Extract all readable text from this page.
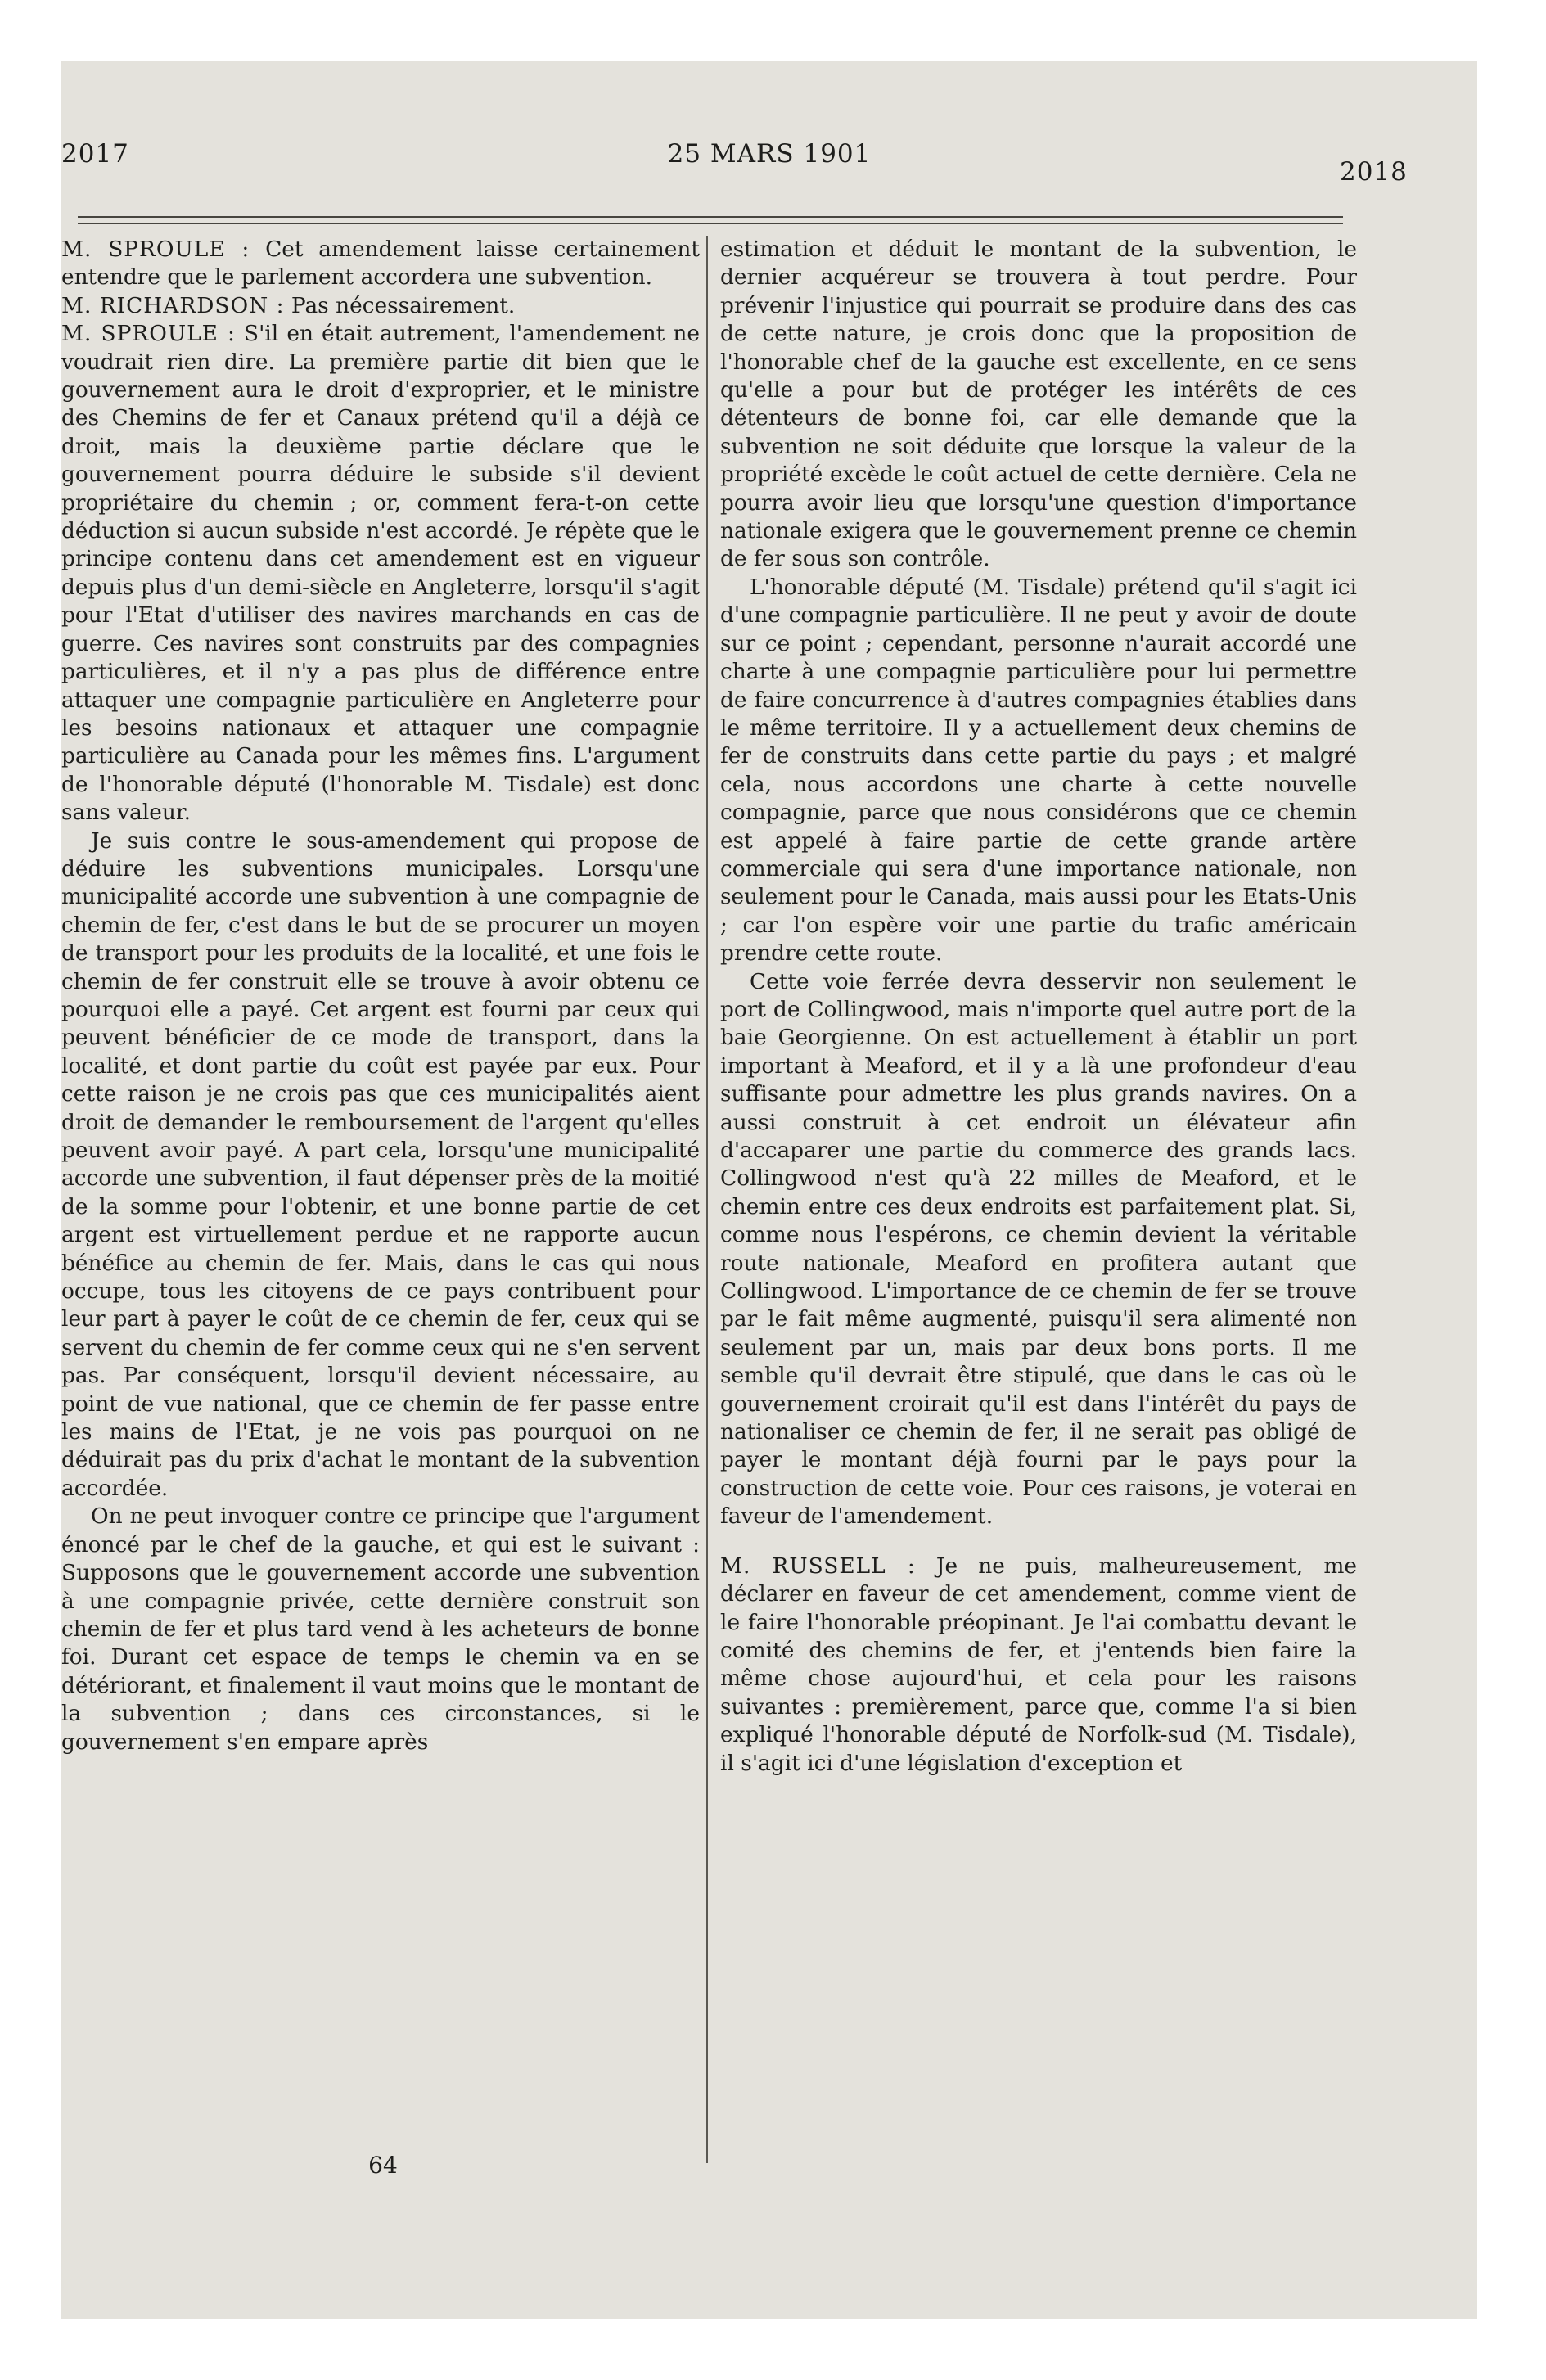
2017	25 MARS 1901
2018

M. SPROULE : Cet amendement laisse certainement entendre que le parlement accordera une subvention.

M. RICHARDSON : Pas nécessairement.

M. SPROULE : S'il en était autrement, l'amendement ne voudrait rien dire. La première partie dit bien que le gouvernement aura le droit d'exproprier, et le ministre des Chemins de fer et Canaux prétend qu'il a déjà ce droit, mais la deuxième partie déclare que le gouvernement pourra déduire le subside s'il devient propriétaire du chemin ; or, comment fera-t-on cette déduction si aucun subside n'est accordé. Je répète que le principe contenu dans cet amendement est en vigueur depuis plus d'un demi-siècle en Angleterre, lorsqu'il s'agit pour l'Etat d'utiliser des navires marchands en cas de guerre. Ces navires sont construits par des compagnies particulières, et il n'y a pas plus de différence entre attaquer une compagnie particulière en Angleterre pour les besoins nationaux et attaquer une compagnie particulière au Canada pour les mêmes fins. L'argument de l'honorable député (l'honorable M. Tisdale) est donc sans valeur.

Je suis contre le sous-amendement qui propose de déduire les subventions municipales. Lorsqu'une municipalité accorde une subvention à une compagnie de chemin de fer, c'est dans le but de se procurer un moyen de transport pour les produits de la localité, et une fois le chemin de fer construit elle se trouve à avoir obtenu ce pourquoi elle a payé. Cet argent est fourni par ceux qui peuvent bénéficier de ce mode de transport, dans la localité, et dont partie du coût est payée par eux. Pour cette raison je ne crois pas que ces municipalités aient droit de demander le remboursement de l'argent qu'elles peuvent avoir payé. A part cela, lorsqu'une municipalité accorde une subvention, il faut dépenser près de la moitié de la somme pour l'obtenir, et une bonne partie de cet argent est virtuellement perdue et ne rapporte aucun bénéfice au chemin de fer. Mais, dans le cas qui nous occupe, tous les citoyens de ce pays contribuent pour leur part à payer le coût de ce chemin de fer, ceux qui se servent du chemin de fer comme ceux qui ne s'en servent pas. Par conséquent, lorsqu'il devient nécessaire, au point de vue national, que ce chemin de fer passe entre les mains de l'Etat, je ne vois pas pourquoi on ne déduirait pas du prix d'achat le montant de la subvention accordée.

On ne peut invoquer contre ce principe que l'argument énoncé par le chef de la gauche, et qui est le suivant : Supposons que le gouvernement accorde une subvention à une compagnie privée, cette dernière construit son chemin de fer et plus tard vend à les acheteurs de bonne foi. Durant cet espace de temps le chemin va en se détériorant, et finalement il vaut moins que le montant de la subvention ; dans ces circonstances, si le gouvernement s'en empare après

estimation et déduit le montant de la subvention, le dernier acquéreur se trouvera à tout perdre. Pour prévenir l'injustice qui pourrait se produire dans des cas de cette nature, je crois donc que la proposition de l'honorable chef de la gauche est excellente, en ce sens qu'elle a pour but de protéger les intérêts de ces détenteurs de bonne foi, car elle demande que la subvention ne soit déduite que lorsque la valeur de la propriété excède le coût actuel de cette dernière. Cela ne pourra avoir lieu que lorsqu'une question d'importance nationale exigera que le gouvernement prenne ce chemin de fer sous son contrôle.

L'honorable député (M. Tisdale) prétend qu'il s'agit ici d'une compagnie particulière. Il ne peut y avoir de doute sur ce point ; cependant, personne n'aurait accordé une charte à une compagnie particulière pour lui permettre de faire concurrence à d'autres compagnies établies dans le même territoire. Il y a actuellement deux chemins de fer de construits dans cette partie du pays ; et malgré cela, nous accordons une charte à cette nouvelle compagnie, parce que nous considérons que ce chemin est appelé à faire partie de cette grande artère commerciale qui sera d'une importance nationale, non seulement pour le Canada, mais aussi pour les Etats-Unis ; car l'on espère voir une partie du trafic américain prendre cette route.

Cette voie ferrée devra desservir non seulement le port de Collingwood, mais n'importe quel autre port de la baie Georgienne. On est actuellement à établir un port important à Meaford, et il y a là une profondeur d'eau suffisante pour admettre les plus grands navires. On a aussi construit à cet endroit un élévateur afin d'accaparer une partie du commerce des grands lacs. Collingwood n'est qu'à 22 milles de Meaford, et le chemin entre ces deux endroits est parfaitement plat. Si, comme nous l'espérons, ce chemin devient la véritable route nationale, Meaford en profitera autant que Collingwood. L'importance de ce chemin de fer se trouve par le fait même augmenté, puisqu'il sera alimenté non seulement par un, mais par deux bons ports. Il me semble qu'il devrait être stipulé, que dans le cas où le gouvernement croirait qu'il est dans l'intérêt du pays de nationaliser ce chemin de fer, il ne serait pas obligé de payer le montant déjà fourni par le pays pour la construction de cette voie. Pour ces raisons, je voterai en faveur de l'amendement.

M. RUSSELL : Je ne puis, malheureusement, me déclarer en faveur de cet amendement, comme vient de le faire l'honorable préopinant. Je l'ai combattu devant le comité des chemins de fer, et j'entends bien faire la même chose aujourd'hui, et cela pour les raisons suivantes : premièrement, parce que, comme l'a si bien expliqué l'honorable député de Norfolk-sud (M. Tisdale), il s'agit ici d'une législation d'exception et

64
